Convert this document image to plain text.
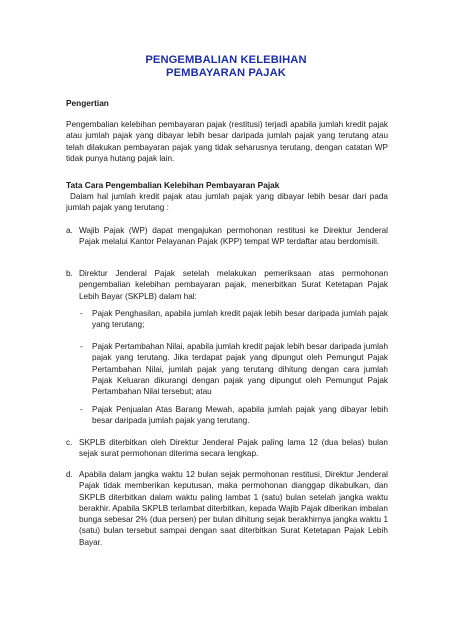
PENGEMBALIAN KELEBIHAN
PEMBAYARAN PAJAK
Pengertian

Pengembalian kelebihan pembayaran pajak (restitusi) terjadi apabila jumlah kredit pajak atau jumlah pajak yang dibayar lebih besar daripada jumlah pajak yang terutang atau telah dilakukan pembayaran pajak yang tidak seharusnya terutang, dengan catatan WP tidak punya hutang pajak lain.

Tata Cara Pengembalian Kelebihan Pembayaran Pajak

Dalam hal jumlah kredit pajak atau jumlah pajak yang dibayar lebih besar dari pada jumlah pajak yang terutang :

a. Wajib Pajak (WP) dapat mengajukan permohonan restitusi ke Direktur Jenderal Pajak melalui Kantor Pelayanan Pajak (KPP) tempat WP terdaftar atau berdomisili.
b. Direktur Jenderal Pajak setelah melakukan pemeriksaan atas permohonan pengembalian kelebihan pembayaran pajak, menerbitkan Surat Ketetapan Pajak Lebih Bayar (SKPLB) dalam hal:
- Pajak Penghasilan, apabila jumlah kredit pajak lebih besar daripada jumlah pajak yang terutang;
- Pajak Pertambahan Nilai, apabila jumlah kredit pajak lebih besar daripada jumlah pajak yang terutang. Jika terdapat pajak yang dipungut oleh Pemungut Pajak Pertambahan Nilai, jumlah pajak yang terutang dihitung dengan cara jumlah Pajak Keluaran dikurangi dengan pajak yang dipungut oleh Pemungut Pajak Pertambahan Nilai tersebut; atau
- Pajak Penjualan Atas Barang Mewah, apabila jumlah pajak yang dibayar lebih besar daripada jumlah pajak yang terutang.
c. SKPLB diterbitkan oleh Direktur Jenderal Pajak paling lama 12 (dua belas) bulan sejak surat permohonan diterima secara lengkap.
d. Apabila dalam jangka waktu 12 bulan sejak permohonan restitusi, Direktur Jenderal Pajak tidak memberikan keputusan, maka permohonan dianggap dikabulkan, dan SKPLB diterbitkan dalam waktu paling lambat 1 (satu) bulan setelah jangka waktu berakhir. Apabila SKPLB terlambat diterbitkan, kepada Wajib Pajak diberikan imbalan bunga sebesar 2% (dua persen) per bulan dihitung sejak berakhirnya jangka waktu 1 (satu) bulan tersebut sampai dengan saat diterbitkan Surat Ketetapan Pajak Lebih Bayar.
